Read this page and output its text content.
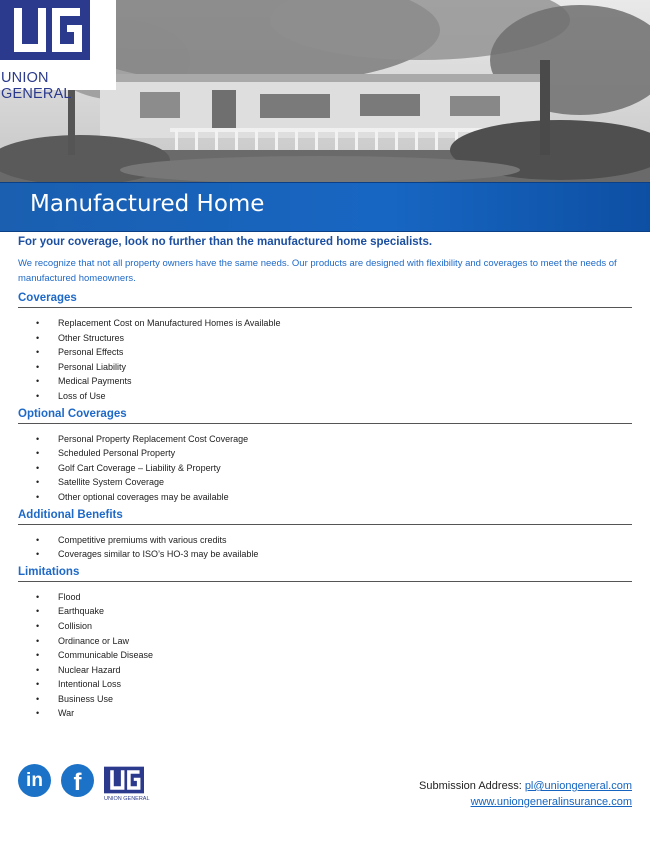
UNION GENERAL
Manufactured Home

For your coverage, look no further than the manufactured home specialists.

We recognize that not all property owners have the same needs. Our products are designed with flexibility and coverages to meet the needs of manufactured homeowners.

Coverages
• Replacement Cost on Manufactured Homes is Available
• Other Structures
• Personal Effects
• Personal Liability
• Medical Payments
• Loss of Use
Optional Coverages
• Personal Property Replacement Cost Coverage
• Scheduled Personal Property
• Golf Cart Coverage – Liability & Property
• Satellite System Coverage
• Other optional coverages may be available
Additional Benefits
• Competitive premiums with various credits
• Coverages similar to ISO’s HO-3 may be available
Limitations
• Flood
• Earthquake
• Collision
• Ordinance or Law
• Communicable Disease
• Nuclear Hazard
• Intentional Loss
• Business Use
• War
in	f
UNION GENERAL
Submission Address: pl@uniongeneral.com
www.uniongeneralinsurance.com
